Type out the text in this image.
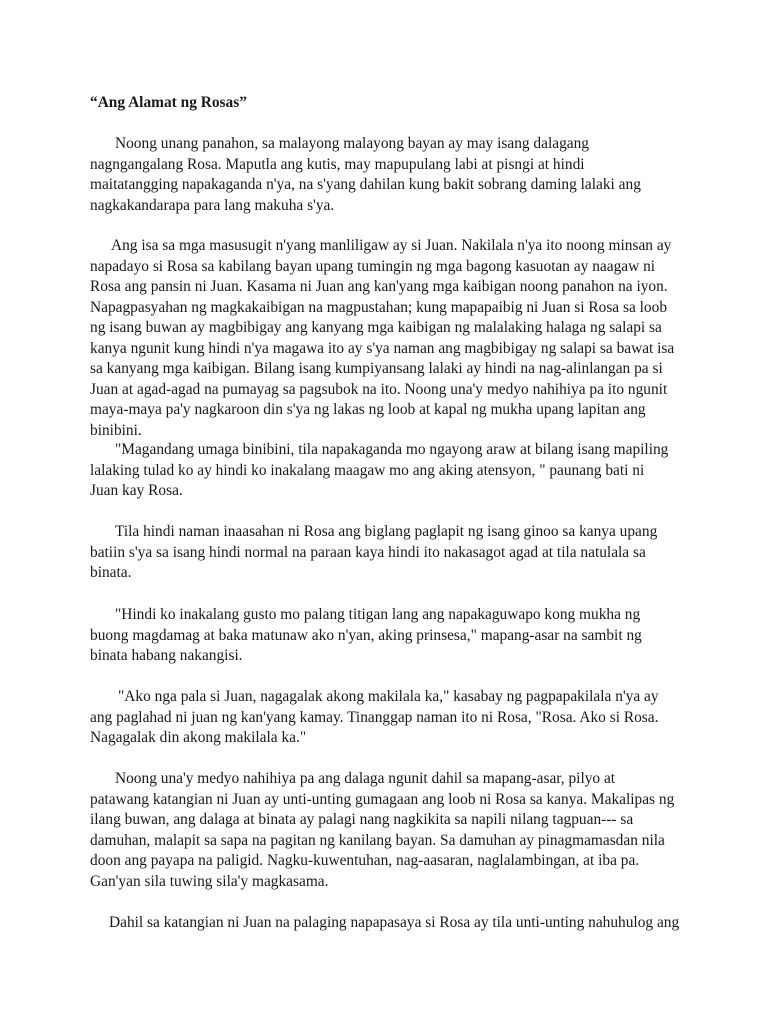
“Ang Alamat ng Rosas”

Noong unang panahon, sa malayong malayong bayan ay may isang dalagang nagngangalang Rosa. Maputla ang kutis, may mapupulang labi at pisngi at hindi maitatangging napakaganda n'ya, na s'yang dahilan kung bakit sobrang daming lalaki ang nagkakandarapa para lang makuha s'ya.

Ang isa sa mga masusugit n'yang manliligaw ay si Juan. Nakilala n'ya ito noong minsan ay napadayo si Rosa sa kabilang bayan upang tumingin ng mga bagong kasuotan ay naagaw ni Rosa ang pansin ni Juan. Kasama ni Juan ang kan'yang mga kaibigan noong panahon na iyon. Napagpasyahan ng magkakaibigan na magpustahan; kung mapapaibig ni Juan si Rosa sa loob ng isang buwan ay magbibigay ang kanyang mga kaibigan ng malalaking halaga ng salapi sa kanya ngunit kung hindi n'ya magawa ito ay s'ya naman ang magbibigay ng salapi sa bawat isa sa kanyang mga kaibigan. Bilang isang kumpiyansang lalaki ay hindi na nag-alinlangan pa si Juan at agad-agad na pumayag sa pagsubok na ito. Noong una'y medyo nahihiya pa ito ngunit maya-maya pa'y nagkaroon din s'ya ng lakas ng loob at kapal ng mukha upang lapitan ang binibini.

"Magandang umaga binibini, tila napakaganda mo ngayong araw at bilang isang mapiling lalaking tulad ko ay hindi ko inakalang maagaw mo ang aking atensyon, " paunang bati ni Juan kay Rosa.

Tila hindi naman inaasahan ni Rosa ang biglang paglapit ng isang ginoo sa kanya upang batiin s'ya sa isang hindi normal na paraan kaya hindi ito nakasagot agad at tila natulala sa binata.

"Hindi ko inakalang gusto mo palang titigan lang ang napakaguwapo kong mukha ng buong magdamag at baka matunaw ako n'yan, aking prinsesa," mapang-asar na sambit ng binata habang nakangisi.

"Ako nga pala si Juan, nagagalak akong makilala ka," kasabay ng pagpapakilala n'ya ay ang paglahad ni juan ng kan'yang kamay. Tinanggap naman ito ni Rosa, "Rosa. Ako si Rosa. Nagagalak din akong makilala ka."

Noong una'y medyo nahihiya pa ang dalaga ngunit dahil sa mapang-asar, pilyo at patawang katangian ni Juan ay unti-unting gumagaan ang loob ni Rosa sa kanya. Makalipas ng ilang buwan, ang dalaga at binata ay palagi nang nagkikita sa napili nilang tagpuan--- sa damuhan, malapit sa sapa na pagitan ng kanilang bayan. Sa damuhan ay pinagmamasdan nila doon ang payapa na paligid. Nagku-kuwentuhan, nag-aasaran, naglalambingan, at iba pa. Gan'yan sila tuwing sila'y magkasama.

Dahil sa katangian ni Juan na palaging napapasaya si Rosa ay tila unti-unting nahuhulog ang
